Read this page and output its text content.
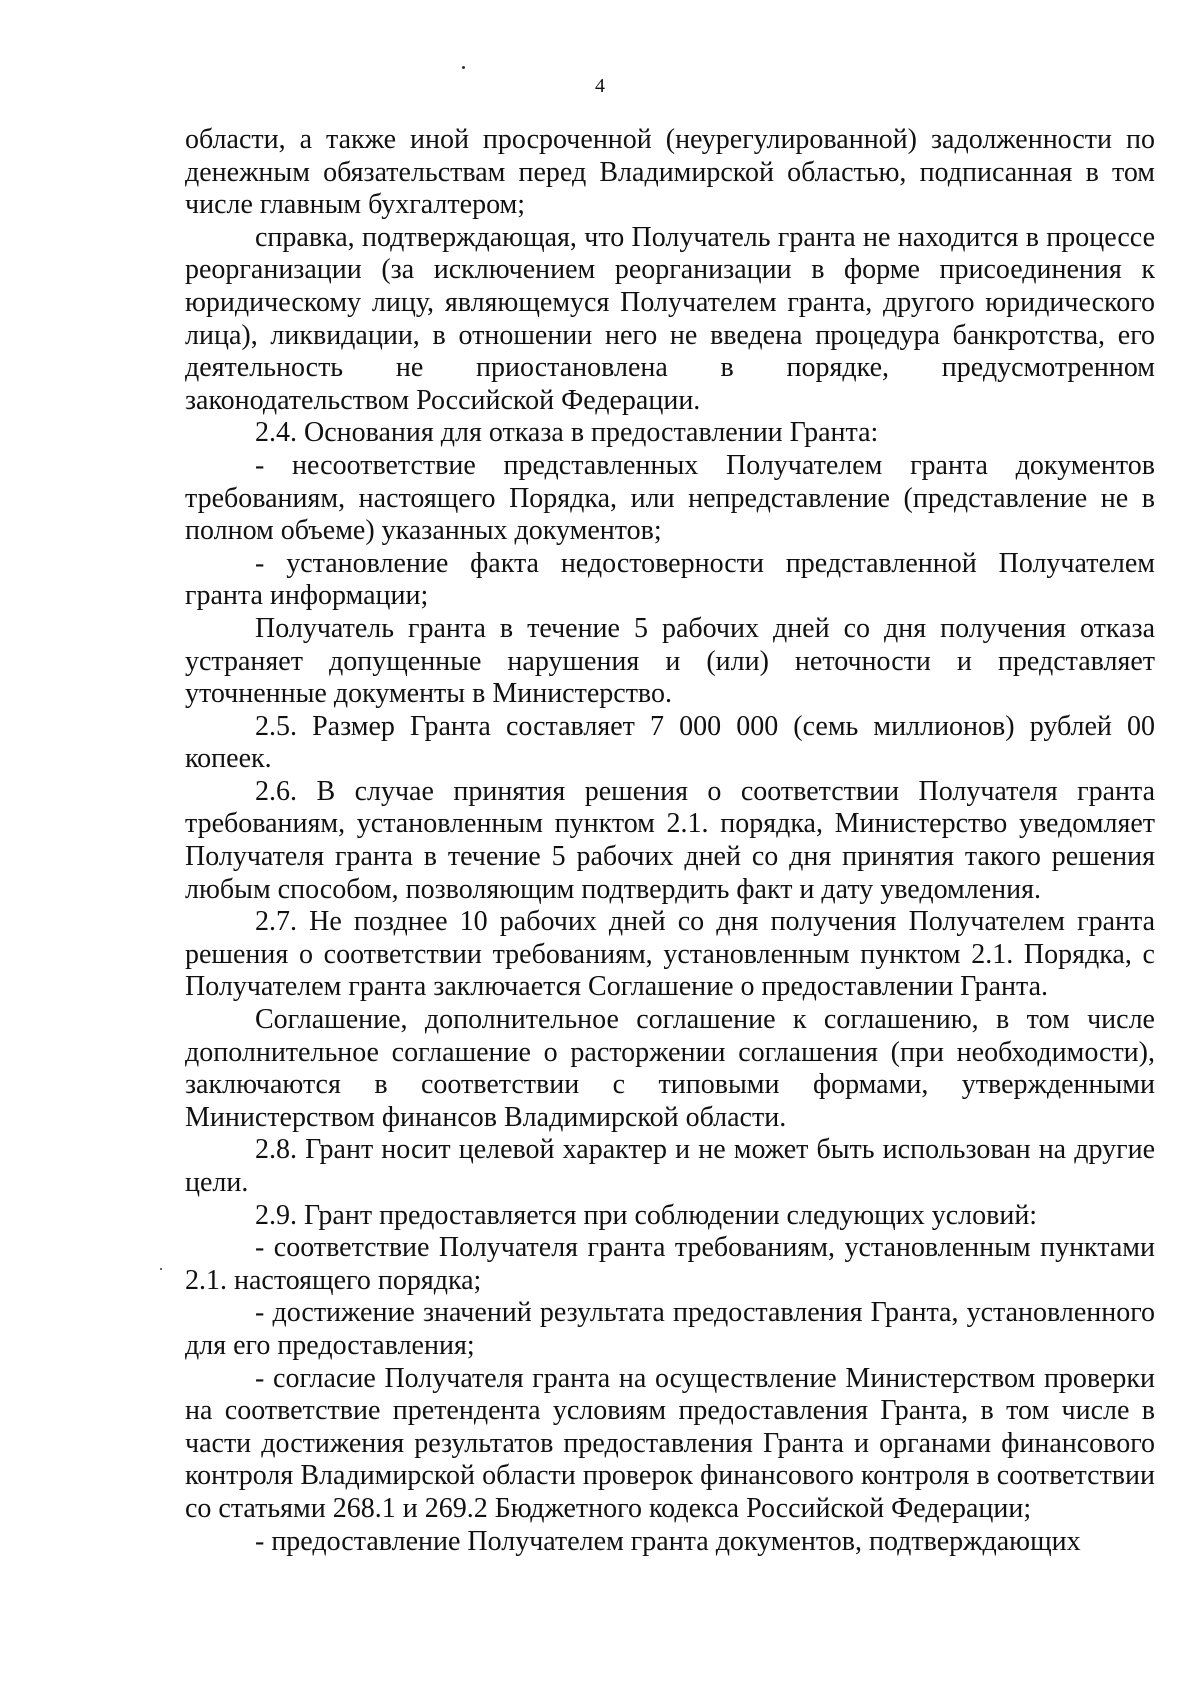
4

области, а также иной просроченной (неурегулированной) задолженности по денежным обязательствам перед Владимирской областью, подписанная в том числе главным бухгалтером;

справка, подтверждающая, что Получатель гранта не находится в процессе реорганизации (за исключением реорганизации в форме присоединения к юридическому лицу, являющемуся Получателем гранта, другого юридического лица), ликвидации, в отношении него не введена процедура банкротства, его деятельность не приостановлена в порядке, предусмотренном законодательством Российской Федерации.

2.4. Основания для отказа в предоставлении Гранта:

- несоответствие представленных Получателем гранта документов требованиям, настоящего Порядка, или непредставление (представление не в полном объеме) указанных документов;

- установление факта недостоверности представленной Получателем гранта информации;

Получатель гранта в течение 5 рабочих дней со дня получения отказа устраняет допущенные нарушения и (или) неточности и представляет уточненные документы в Министерство.

2.5. Размер Гранта составляет 7 000 000 (семь миллионов) рублей 00 копеек.

2.6. В случае принятия решения о соответствии Получателя гранта требованиям, установленным пунктом 2.1. порядка, Министерство уведомляет Получателя гранта в течение 5 рабочих дней со дня принятия такого решения любым способом, позволяющим подтвердить факт и дату уведомления.

2.7. Не позднее 10 рабочих дней со дня получения Получателем гранта решения о соответствии требованиям, установленным пунктом 2.1. Порядка, с Получателем гранта заключается Соглашение о предоставлении Гранта.

Соглашение, дополнительное соглашение к соглашению, в том числе дополнительное соглашение о расторжении соглашения (при необходимости), заключаются в соответствии с типовыми формами, утвержденными Министерством финансов Владимирской области.

2.8. Грант носит целевой характер и не может быть использован на другие цели.

2.9. Грант предоставляется при соблюдении следующих условий:

- соответствие Получателя гранта требованиям, установленным пунктами 2.1. настоящего порядка;

- достижение значений результата предоставления Гранта, установленного для его предоставления;

- согласие Получателя гранта на осуществление Министерством проверки на соответствие претендента условиям предоставления Гранта, в том числе в части достижения результатов предоставления Гранта и органами финансового контроля Владимирской области проверок финансового контроля в соответствии со статьями 268.1 и 269.2 Бюджетного кодекса Российской Федерации;

- предоставление Получателем гранта документов, подтверждающих
